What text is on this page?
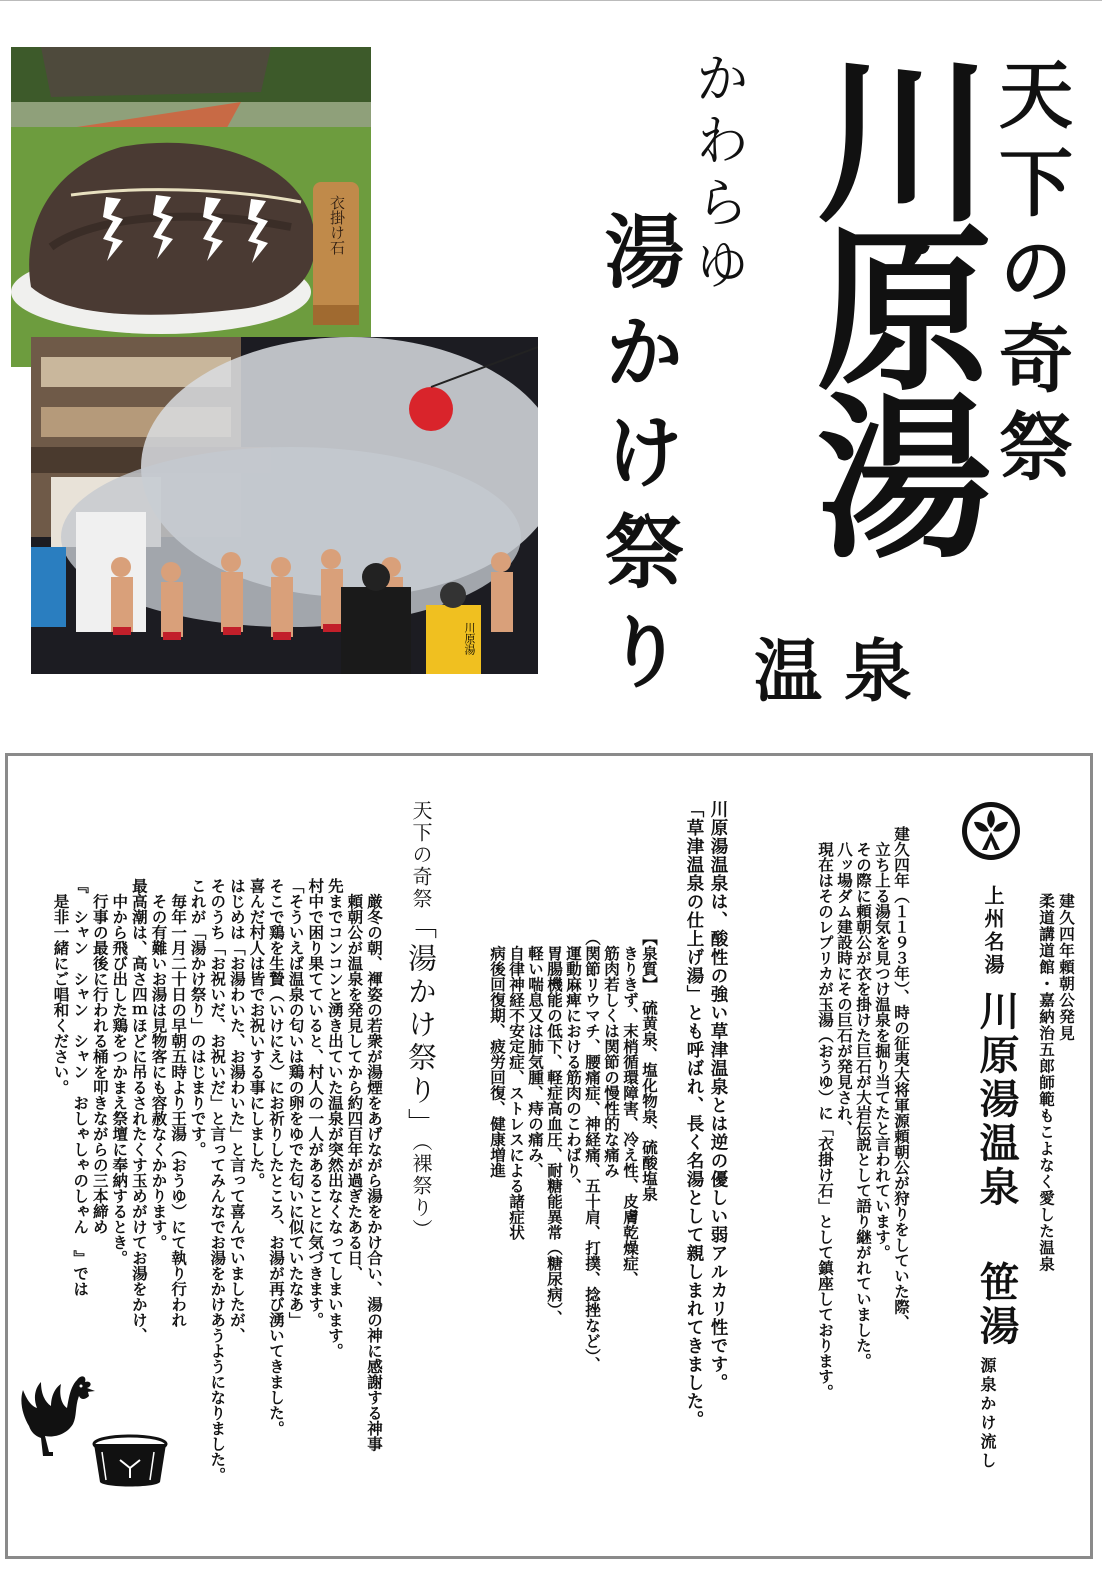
衣掛け石
川原湯
天下の奇祭
かわらゆ 川原湯
湯かけ祭り 温泉
建久四年頼朝公発見
柔道講道館・嘉納治五郎師範もこよなく愛した温泉
上州名湯
川原湯温泉 笹湯
源泉かけ流し
建久四年（１１９３年）、時の征夷大将軍源頼朝公が狩りをしていた際、
　立ち上る湯気を見つけ温泉を掘り当てたと言われています。
　その際に頼朝公が衣を掛けた巨石が大岩伝説として語り継がれていました。
　八ッ場ダム建設時にその巨石が発見され、
　現在はそのレプリカが玉湯（おうゆ）に「衣掛け石」として鎮座しております。
川原湯温泉は、酸性の強い草津温泉とは逆の優しい弱アルカリ性です。
「草津温泉の仕上げ湯」とも呼ばれ、長く名湯として親しまれてきました。
【泉質】　硫黄泉、塩化物泉、硫酸塩泉
　きりきず、末梢循環障害、冷え性、皮膚乾燥症、
　筋肉若しくは関節の慢性的な痛み
（関節リウマチ、腰痛症、神経痛、五十肩、打撲、捻挫など）、
　運動麻痺における筋肉のこわばり、
　胃腸機能の低下、軽症高血圧、耐糖能異常（糖尿病）、
　軽い喘息又は肺気腫、痔の痛み、
　自律神経不安定症、ストレスによる諸症状
　病後回復期、疲労回復、健康増進
天下の奇祭「湯かけ祭り」（裸祭り）
　厳冬の朝、褌姿の若衆が湯煙をあげながら湯をかけ合い、湯の神に感謝する神事
　頼朝公が温泉を発見してから約四百年が過ぎたある日、
先までコンコンと湧き出ていた温泉が突然出なくなってしまいます。
村中で困り果てていると、村人の一人があることに気づきます。
「そういえば温泉の匂いは鶏の卵をゆでた匂いに似ていたなあ」
そこで鶏を生贄（いけにえ）にお祈りしたところ、お湯が再び湧いてきました。
喜んだ村人は皆でお祝いする事にしました。
はじめは「お湯わいた、お湯わいた」と言って喜んでいましたが、
そのうち「お祝いだ、お祝いだ」と言ってみんなでお湯をかけあうようになりました。
これが「湯かけ祭り」のはじまりです。
　毎年一月二十日の早朝五時より王湯（おうゆ）にて執り行われ
　その有難いお湯は見物客にも容赦なくかかります。
最高潮は、高さ四ｍほどに吊るされたくす玉めがけてお湯をかけ、
　中から飛び出した鶏をつかまえ祭壇に奉納するとき。
　行事の最後に行われる桶を叩きながらの三本締め
『　シャン　シャン　シャン　おしゃしゃのしゃん　』では
　是非一緒にご唱和ください。
